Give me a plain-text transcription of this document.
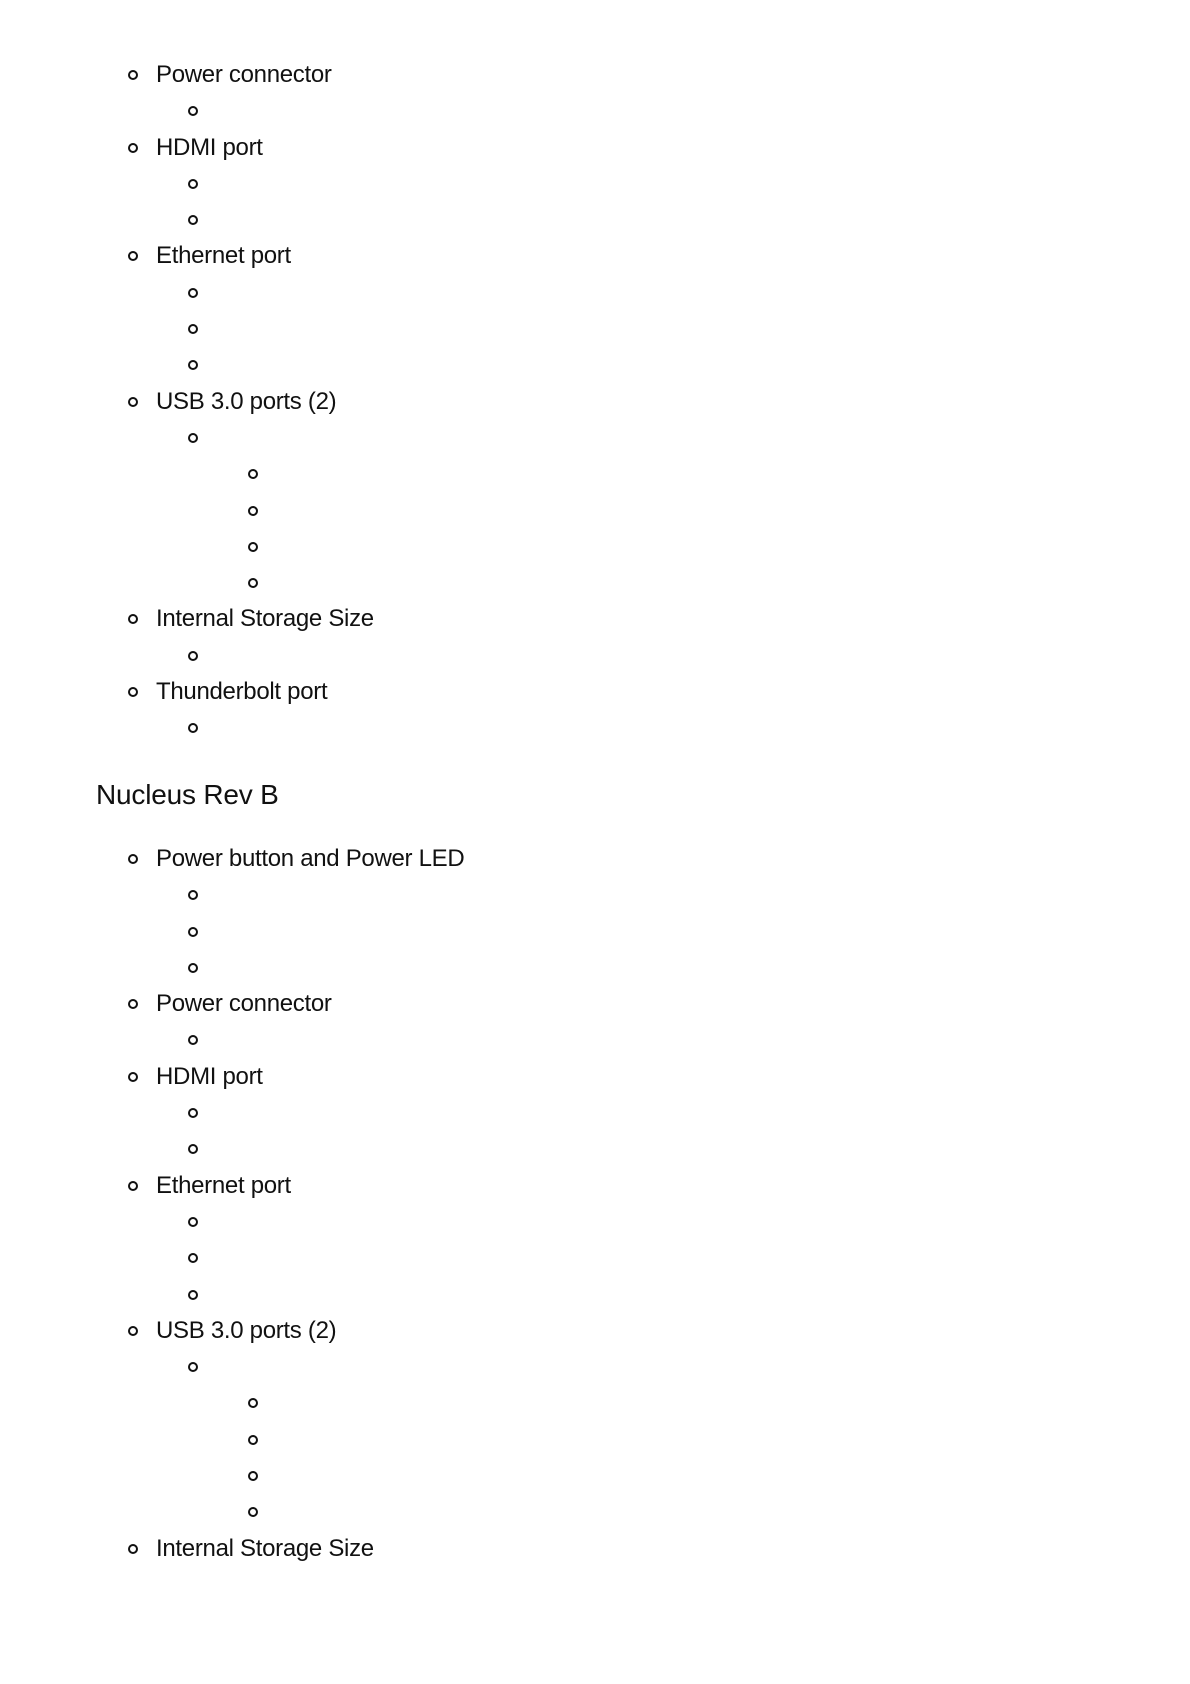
Power connector
HDMI port
Ethernet port
USB 3.0 ports (2)
Internal Storage Size
Thunderbolt port
Nucleus Rev B
Power button and Power LED
Power connector
HDMI port
Ethernet port
USB 3.0 ports (2)
Internal Storage Size
